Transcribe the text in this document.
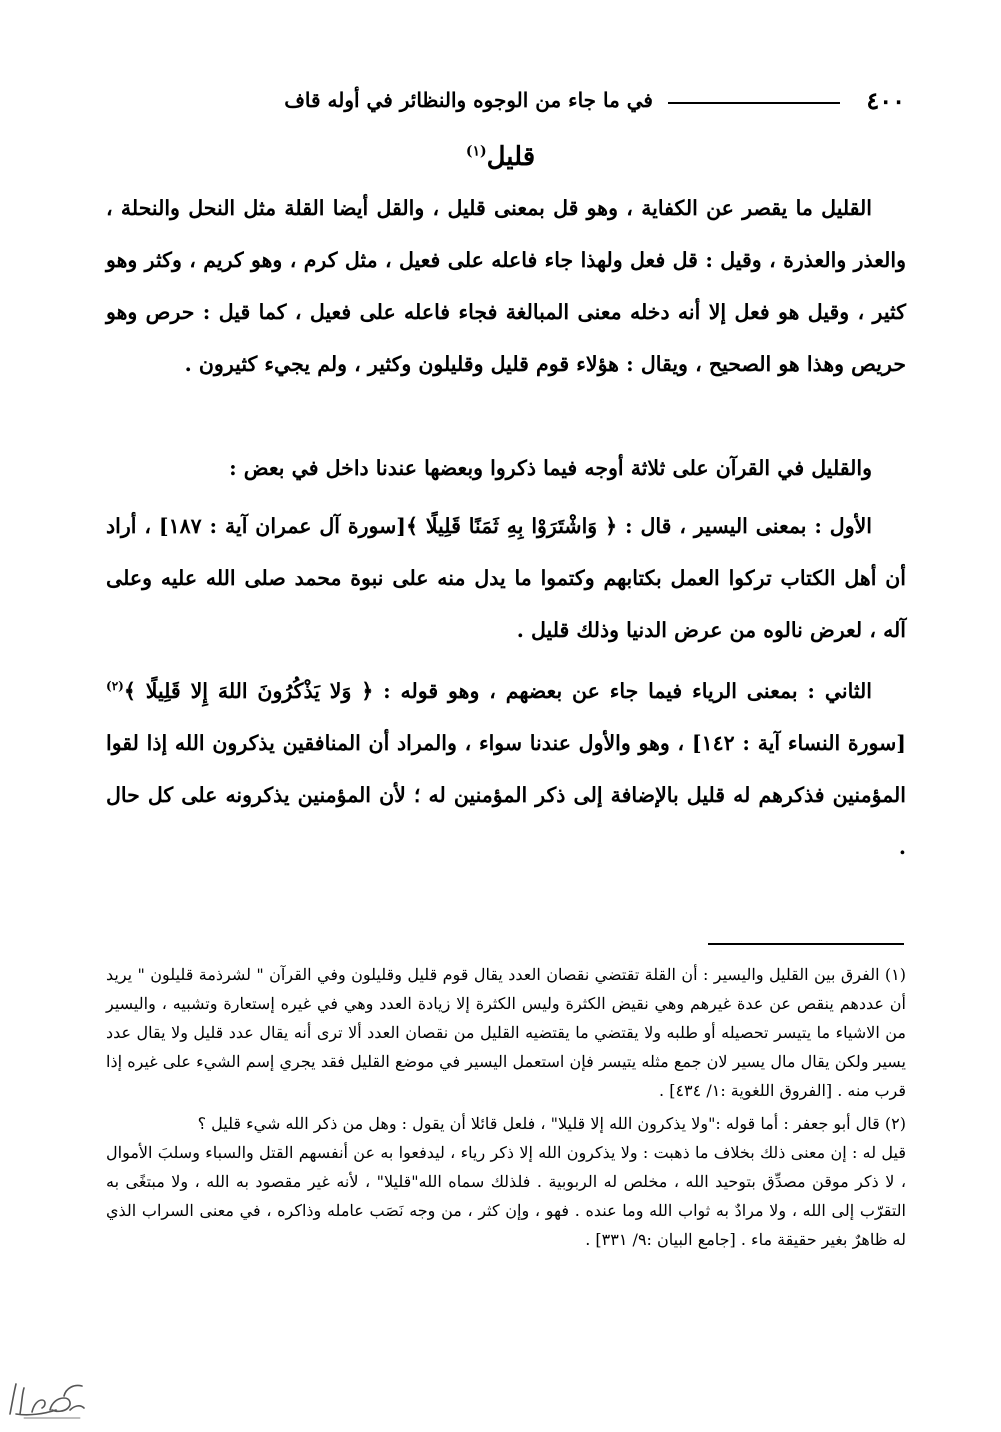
٤٠٠
في ما جاء من الوجوه والنظائر في أوله قاف
قليل$^{(١)}$

القليل ما يقصر عن الكفاية ، وهو قل بمعنى قليل ، والقل أيضا القلة مثل النحل والنحلة ، والعذر والعذرة ، وقيل : قل فعل ولهذا جاء فاعله على فعيل ، مثل كرم ، وهو كريم ، وكثر وهو كثير ، وقيل هو فعل إلا أنه دخله معنى المبالغة فجاء فاعله على فعيل ، كما قيل : حرص وهو حريص وهذا هو الصحيح ، ويقال : هؤلاء قوم قليل وقليلون وكثير ، ولم يجيء كثيرون .

والقليل في القرآن على ثلاثة أوجه فيما ذكروا وبعضها عندنا داخل في بعض :

الأول : بمعنى اليسير ، قال : ﴿ وَاشْتَرَوْا بِهِ ثَمَنًا قَلِيلًا ﴾[سورة آل عمران آية : ١٨٧] ، أراد أن أهل الكتاب تركوا العمل بكتابهم وكتموا ما يدل منه على نبوة محمد صلى الله عليه وعلى آله ، لعرض نالوه من عرض الدنيا وذلك قليل .

الثاني : بمعنى الرياء فيما جاء عن بعضهم ، وهو قوله : ﴿ وَلا يَذْكُرُونَ اللهَ إِلا قَلِيلًا ﴾$^{(٢)}$ [سورة النساء آية : ١٤٢] ، وهو والأول عندنا سواء ، والمراد أن المنافقين يذكرون الله إذا لقوا المؤمنين فذكرهم له قليل بالإضافة إلى ذكر المؤمنين له ؛ لأن المؤمنين يذكرونه على كل حال .

(١) الفرق بين القليل واليسير : أن القلة تقتضي نقصان العدد يقال قوم قليل وقليلون وفي القرآن " لشرذمة قليلون " يريد أن عددهم ينقص عن عدة غيرهم وهي نقيض الكثرة وليس الكثرة إلا زيادة العدد وهي في غيره إستعارة وتشبيه ، واليسير من الاشياء ما يتيسر تحصيله أو طلبه ولا يقتضي ما يقتضيه القليل من نقصان العدد ألا ترى أنه يقال عدد قليل ولا يقال عدد يسير ولكن يقال مال يسير لان جمع مثله يتيسر فإن استعمل اليسير في موضع القليل فقد يجري إسم الشيء على غيره إذا قرب منه . [الفروق اللغوية :١/ ٤٣٤] .

(٢) قال أبو جعفر : أما قوله :"ولا يذكرون الله إلا قليلا" ، فلعل قائلا أن يقول : وهل من ذكر الله شيء قليل ؟

قيل له : إن معنى ذلك بخلاف ما ذهبت : ولا يذكرون الله إلا ذكر رياء ، ليدفعوا به عن أنفسهم القتل والسباء وسلبَ الأموال ، لا ذكر موقن مصدِّق بتوحيد الله ، مخلص له الربوبية . فلذلك سماه الله"قليلا" ، لأنه غير مقصود به الله ، ولا مبتغًى به التقرّب إلى الله ، ولا مرادٌ به ثواب الله وما عنده . فهو ، وإن كثر ، من وجه نَصَب عامله وذاكره ، في معنى السراب الذي له ظاهرٌ بغير حقيقة ماء . [جامع البيان :٩/ ٣٣١] .
